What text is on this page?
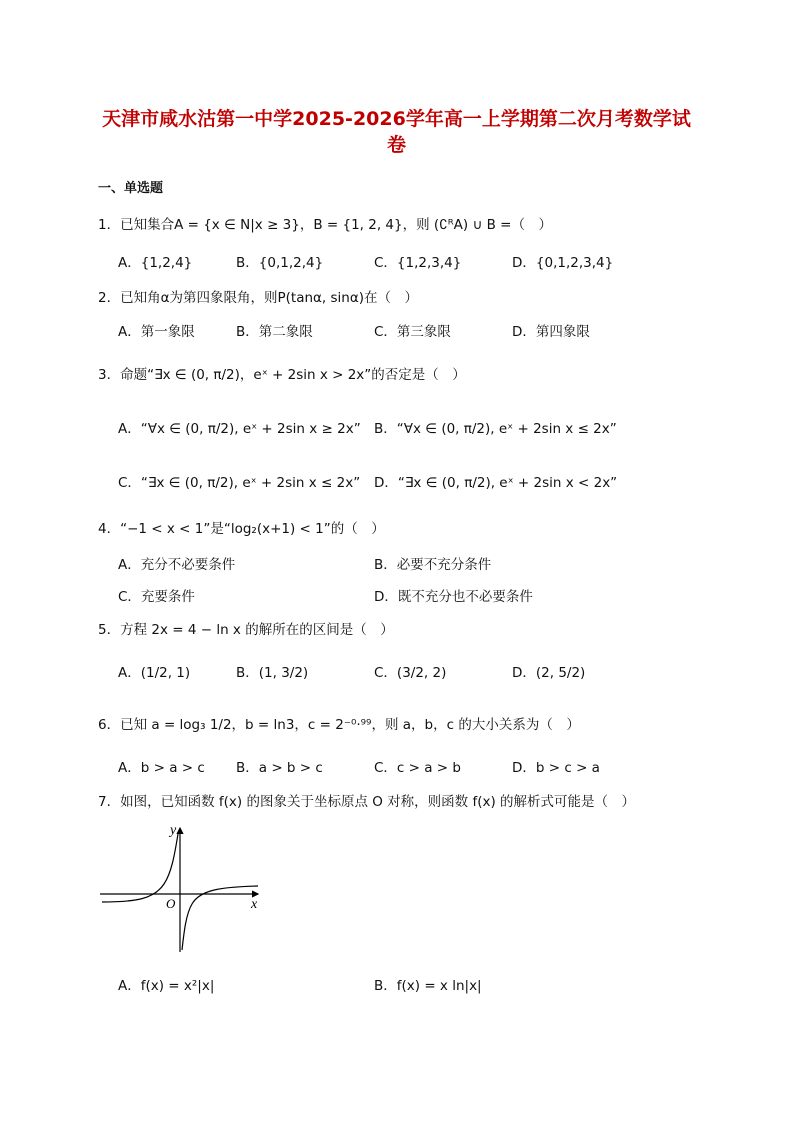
天津市咸水沽第一中学2025-2026学年高一上学期第二次月考数学试
卷
一、单选题
1．已知集合A = {x ∈ N|x ≥ 3}，B = {1, 2, 4}，则 (∁ᴿA) ∪ B =（　）
A．{1,2,4}	B．{0,1,2,4}	C．{1,2,3,4}	D．{0,1,2,3,4}
2．已知角α为第四象限角，则P(tanα, sinα)在（　）
A．第一象限	B．第二象限	C．第三象限	D．第四象限
3．命题“∃x ∈ (0, π/2)，eˣ + 2sin x > 2x”的否定是（　）
A．“∀x ∈ (0, π/2), eˣ + 2sin x ≥ 2x” B．“∀x ∈ (0, π/2), eˣ + 2sin x ≤ 2x”
C．“∃x ∈ (0, π/2), eˣ + 2sin x ≤ 2x” D．“∃x ∈ (0, π/2), eˣ + 2sin x < 2x”
4．“−1 < x < 1”是“log₂(x+1) < 1”的（　）
A．充分不必要条件	B．必要不充分条件
C．充要条件	D．既不充分也不必要条件
5．方程 2x = 4 − ln x 的解所在的区间是（　）
A．(1/2, 1)	B．(1, 3/2)	C．(3/2, 2)	D．(2, 5/2)
6．已知 a = log₃ 1/2，b = ln3，c = 2⁻⁰·⁹⁹，则 a，b，c 的大小关系为（　）
A．b > a > c B．a > b > c	C．c > a > b	D．b > c > a
7．如图，已知函数 f(x) 的图象关于坐标原点 O 对称，则函数 f(x) 的解析式可能是（　）
y
x
O
A．f(x) = x²|x|	B．f(x) = x ln|x|
